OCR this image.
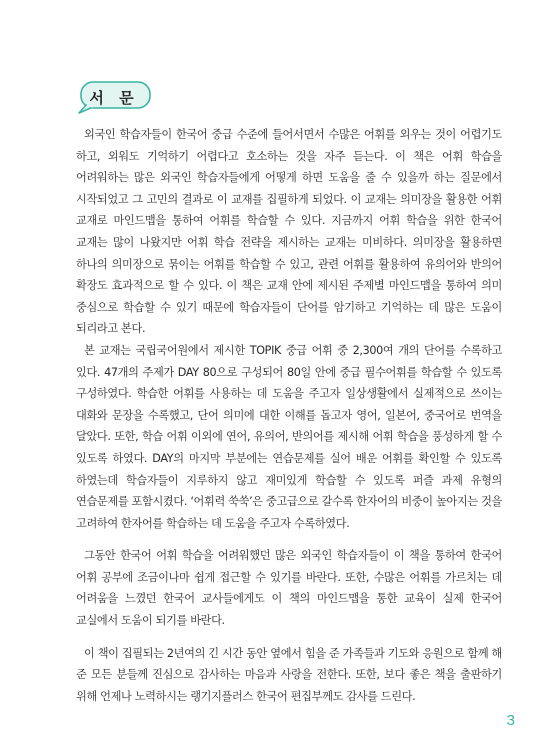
서 문

외국인 학습자들이 한국어 중급 수준에 들어서면서 수많은 어휘를 외우는 것이 어렵기도 하고, 외워도 기억하기 어렵다고 호소하는 것을 자주 듣는다. 이 책은 어휘 학습을 어려워하는 많은 외국인 학습자들에게 어떻게 하면 도움을 줄 수 있을까 하는 질문에서 시작되었고 그 고민의 결과로 이 교재를 집필하게 되었다. 이 교재는 의미장을 활용한 어휘 교재로 마인드맵을 통하여 어휘를 학습할 수 있다. 지금까지 어휘 학습을 위한 한국어 교재는 많이 나왔지만 어휘 학습 전략을 제시하는 교재는 미비하다. 의미장을 활용하면 하나의 의미장으로 묶이는 어휘를 학습할 수 있고, 관련 어휘를 활용하여 유의어와 반의어 확장도 효과적으로 할 수 있다. 이 책은 교재 안에 제시된 주제별 마인드맵을 통하여 의미 중심으로 학습할 수 있기 때문에 학습자들이 단어를 암기하고 기억하는 데 많은 도움이 되리라고 본다.

본 교재는 국립국어원에서 제시한 TOPIK 중급 어휘 중 2,300여 개의 단어를 수록하고 있다. 47개의 주제가 DAY 80으로 구성되어 80일 안에 중급 필수어휘를 학습할 수 있도록 구성하였다. 학습한 어휘를 사용하는 데 도움을 주고자 일상생활에서 실제적으로 쓰이는 대화와 문장을 수록했고, 단어 의미에 대한 이해를 돕고자 영어, 일본어, 중국어로 번역을 달았다. 또한, 학습 어휘 이외에 연어, 유의어, 반의어를 제시해 어휘 학습을 풍성하게 할 수 있도록 하였다. DAY의 마지막 부분에는 연습문제를 실어 배운 어휘를 확인할 수 있도록 하였는데 학습자들이 지루하지 않고 재미있게 학습할 수 있도록 퍼즐 과제 유형의 연습문제를 포함시켰다. ‘어휘력 쑥쑥’은 중고급으로 갈수록 한자어의 비중이 높아지는 것을 고려하여 한자어를 학습하는 데 도움을 주고자 수록하였다.

그동안 한국어 어휘 학습을 어려워했던 많은 외국인 학습자들이 이 책을 통하여 한국어 어휘 공부에 조금이나마 쉽게 접근할 수 있기를 바란다. 또한, 수많은 어휘를 가르치는 데 어려움을 느꼈던 한국어 교사들에게도 이 책의 마인드맵을 통한 교육이 실제 한국어 교실에서 도움이 되기를 바란다.

이 책이 집필되는 2년여의 긴 시간 동안 옆에서 힘을 준 가족들과 기도와 응원으로 함께 해 준 모든 분들께 진심으로 감사하는 마음과 사랑을 전한다. 또한, 보다 좋은 책을 출판하기 위해 언제나 노력하시는 랭기지플러스 한국어 편집부께도 감사를 드린다.

3
